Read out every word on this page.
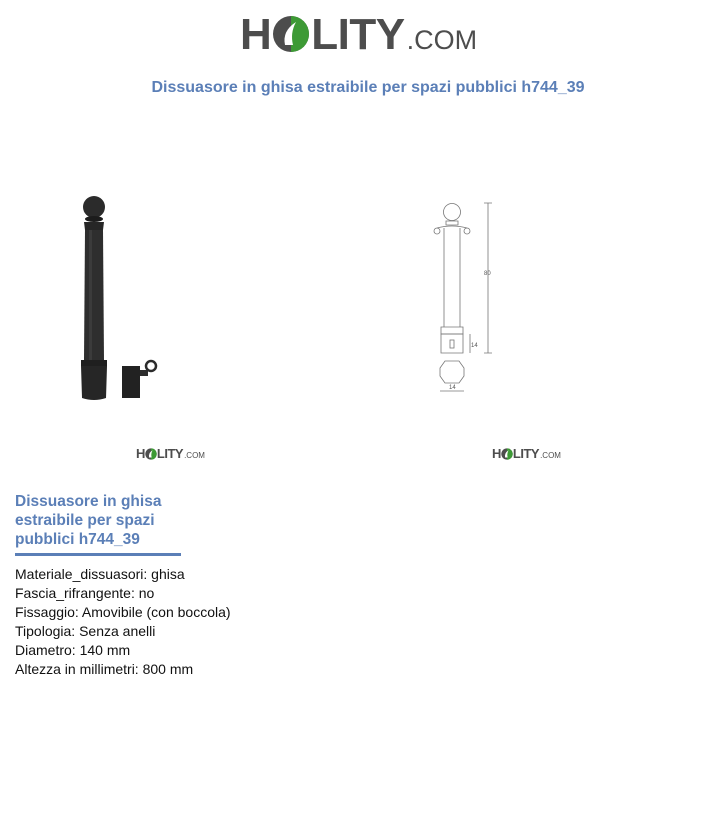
H LITY .COM
Dissuasore in ghisa estraibile per spazi pubblici h744_39
80
14
14
H LITY .COM	H LITY .COM
Dissuasore in ghisa estraibile per spazi pubblici h744_39
Materiale_dissuasori: ghisa
Fascia_rifrangente: no
Fissaggio: Amovibile (con boccola)
Tipologia: Senza anelli
Diametro: 140 mm
Altezza in millimetri: 800 mm
